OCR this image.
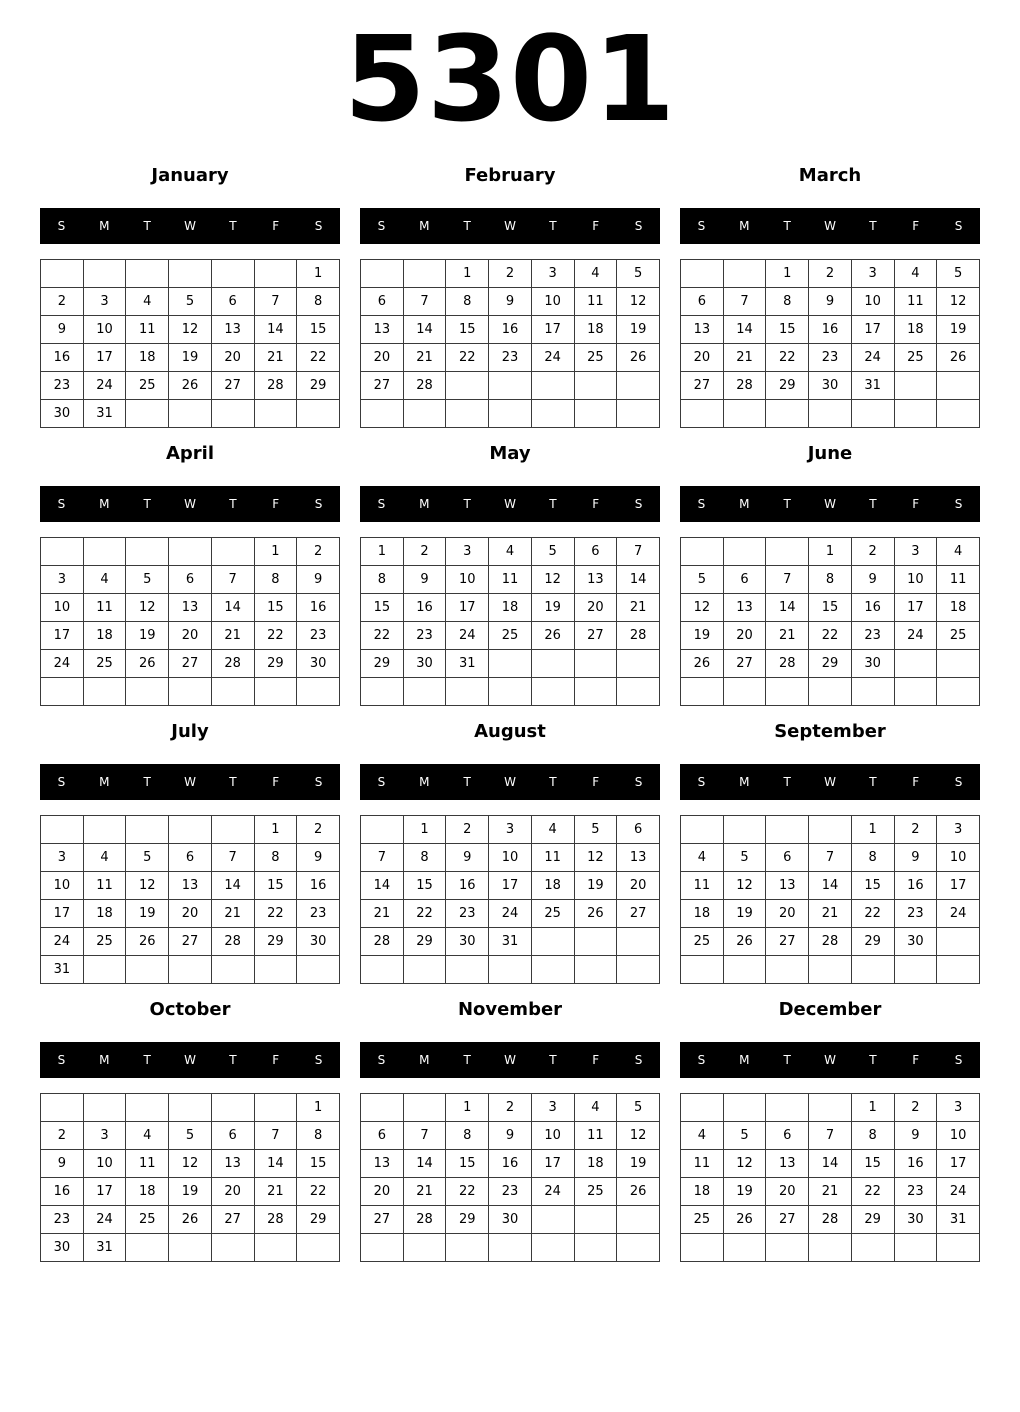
5301
January
S	M	T	W	T	F	S
						1
2	3	4	5	6	7	8
9	10	11	12	13	14	15
16	17	18	19	20	21	22
23	24	25	26	27	28	29
30	31					
February
S	M	T	W	T	F	S
		1	2	3	4	5
6	7	8	9	10	11	12
13	14	15	16	17	18	19
20	21	22	23	24	25	26
27	28					

March
S	M	T	W	T	F	S
		1	2	3	4	5
6	7	8	9	10	11	12
13	14	15	16	17	18	19
20	21	22	23	24	25	26
27	28	29	30	31		

April
S	M	T	W	T	F	S
					1	2
3	4	5	6	7	8	9
10	11	12	13	14	15	16
17	18	19	20	21	22	23
24	25	26	27	28	29	30

May
S	M	T	W	T	F	S
1	2	3	4	5	6	7
8	9	10	11	12	13	14
15	16	17	18	19	20	21
22	23	24	25	26	27	28
29	30	31				

June
S	M	T	W	T	F	S
			1	2	3	4
5	6	7	8	9	10	11
12	13	14	15	16	17	18
19	20	21	22	23	24	25
26	27	28	29	30		

July
S	M	T	W	T	F	S
					1	2
3	4	5	6	7	8	9
10	11	12	13	14	15	16
17	18	19	20	21	22	23
24	25	26	27	28	29	30
31						
August
S	M	T	W	T	F	S
	1	2	3	4	5	6
7	8	9	10	11	12	13
14	15	16	17	18	19	20
21	22	23	24	25	26	27
28	29	30	31			

September
S	M	T	W	T	F	S
				1	2	3
4	5	6	7	8	9	10
11	12	13	14	15	16	17
18	19	20	21	22	23	24
25	26	27	28	29	30	

October
S	M	T	W	T	F	S
						1
2	3	4	5	6	7	8
9	10	11	12	13	14	15
16	17	18	19	20	21	22
23	24	25	26	27	28	29
30	31					
November
S	M	T	W	T	F	S
		1	2	3	4	5
6	7	8	9	10	11	12
13	14	15	16	17	18	19
20	21	22	23	24	25	26
27	28	29	30			

December
S	M	T	W	T	F	S
				1	2	3
4	5	6	7	8	9	10
11	12	13	14	15	16	17
18	19	20	21	22	23	24
25	26	27	28	29	30	31
